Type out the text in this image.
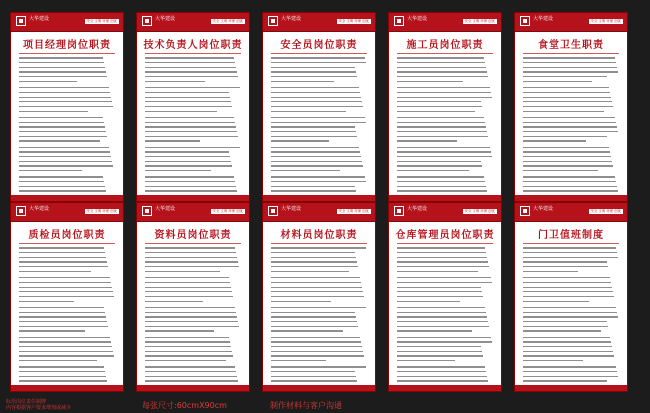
大华建设	安全 文明 环保 创优
项目经理岗位职责
大华建设	安全 文明 环保 创优
技术负责人岗位职责
大华建设	安全 文明 环保 创优
安全员岗位职责
大华建设	安全 文明 环保 创优
施工员岗位职责
大华建设	安全 文明 环保 创优
食堂卫生职责
大华建设	安全 文明 环保 创优
质检员岗位职责
大华建设	安全 文明 环保 创优
资料员岗位职责
大华建设	安全 文明 环保 创优
材料员岗位职责
大华建设	安全 文明 环保 创优
仓库管理员岗位职责
大华建设	安全 文明 环保 创优
门卫值班制度
标语岗位责任制牌
内容根据客户要求增加或减少	每张尺寸:60cmX90cm	制作材料与客户沟通
